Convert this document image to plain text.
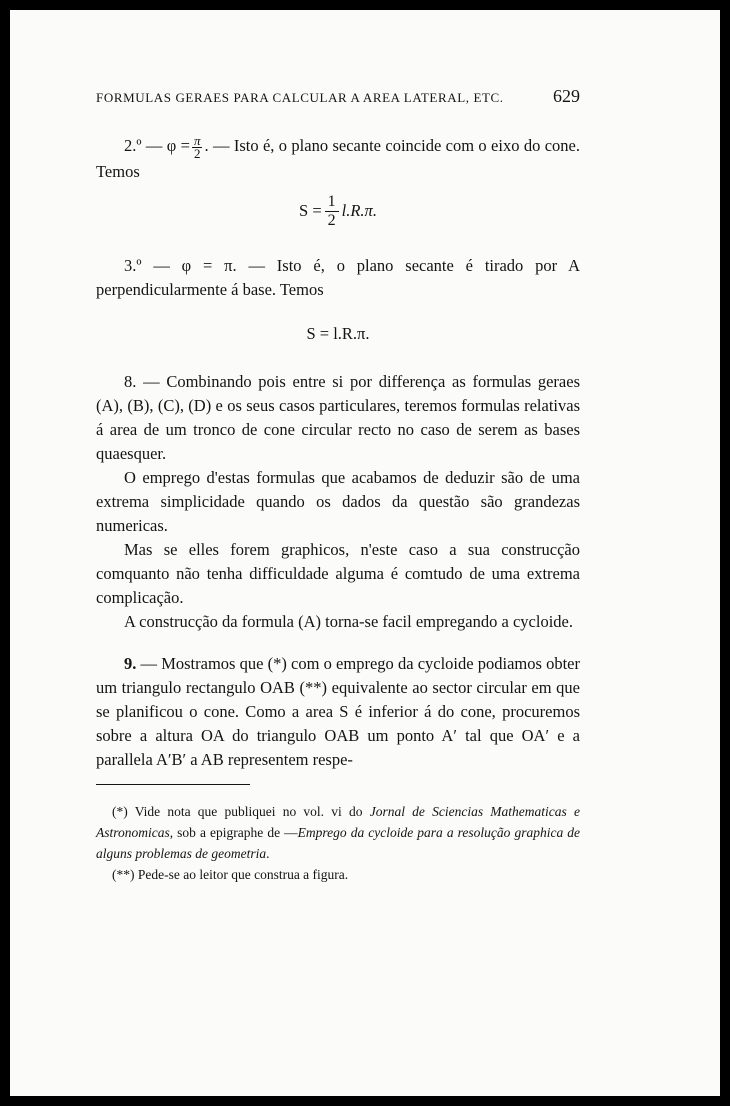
FORMULAS GERAES PARA CALCULAR A AREA LATERAL, ETC.	629

2.º — $\varphi = \frac{\pi}{2}$ . — Isto é, o plano secante coincide com o eixo do cone. Temos

$S = \frac{1}{2} l.R.\pi$.

3.º — φ = π. — Isto é, o plano secante é tirado por A perpendicularmente á base. Temos

S = l.R.π.

8. — Combinando pois entre si por differença as formulas geraes (A), (B), (C), (D) e os seus casos particulares, teremos formulas relativas á area de um tronco de cone circular recto no caso de serem as bases quaesquer.

O emprego d'estas formulas que acabamos de deduzir são de uma extrema simplicidade quando os dados da questão são grandezas numericas.

Mas se elles forem graphicos, n'este caso a sua construcção comquanto não tenha difficuldade alguma é comtudo de uma extrema complicação.

A construcção da formula (A) torna-se facil empregando a cycloide.

9. — Mostramos que (*) com o emprego da cycloide podiamos obter um triangulo rectangulo OAB (**) equivalente ao sector circular em que se planificou o cone. Como a area S é inferior á do cone, procuremos sobre a altura OA do triangulo OAB um ponto A′ tal que OA′ e a parallela A′B′ a AB representem respe-

(*) Vide nota que publiquei no vol. vi do Jornal de Sciencias Mathematicas e Astronomicas, sob a epigraphe de —Emprego da cycloide para a resolução graphica de alguns problemas de geometria.

(**) Pede-se ao leitor que construa a figura.
